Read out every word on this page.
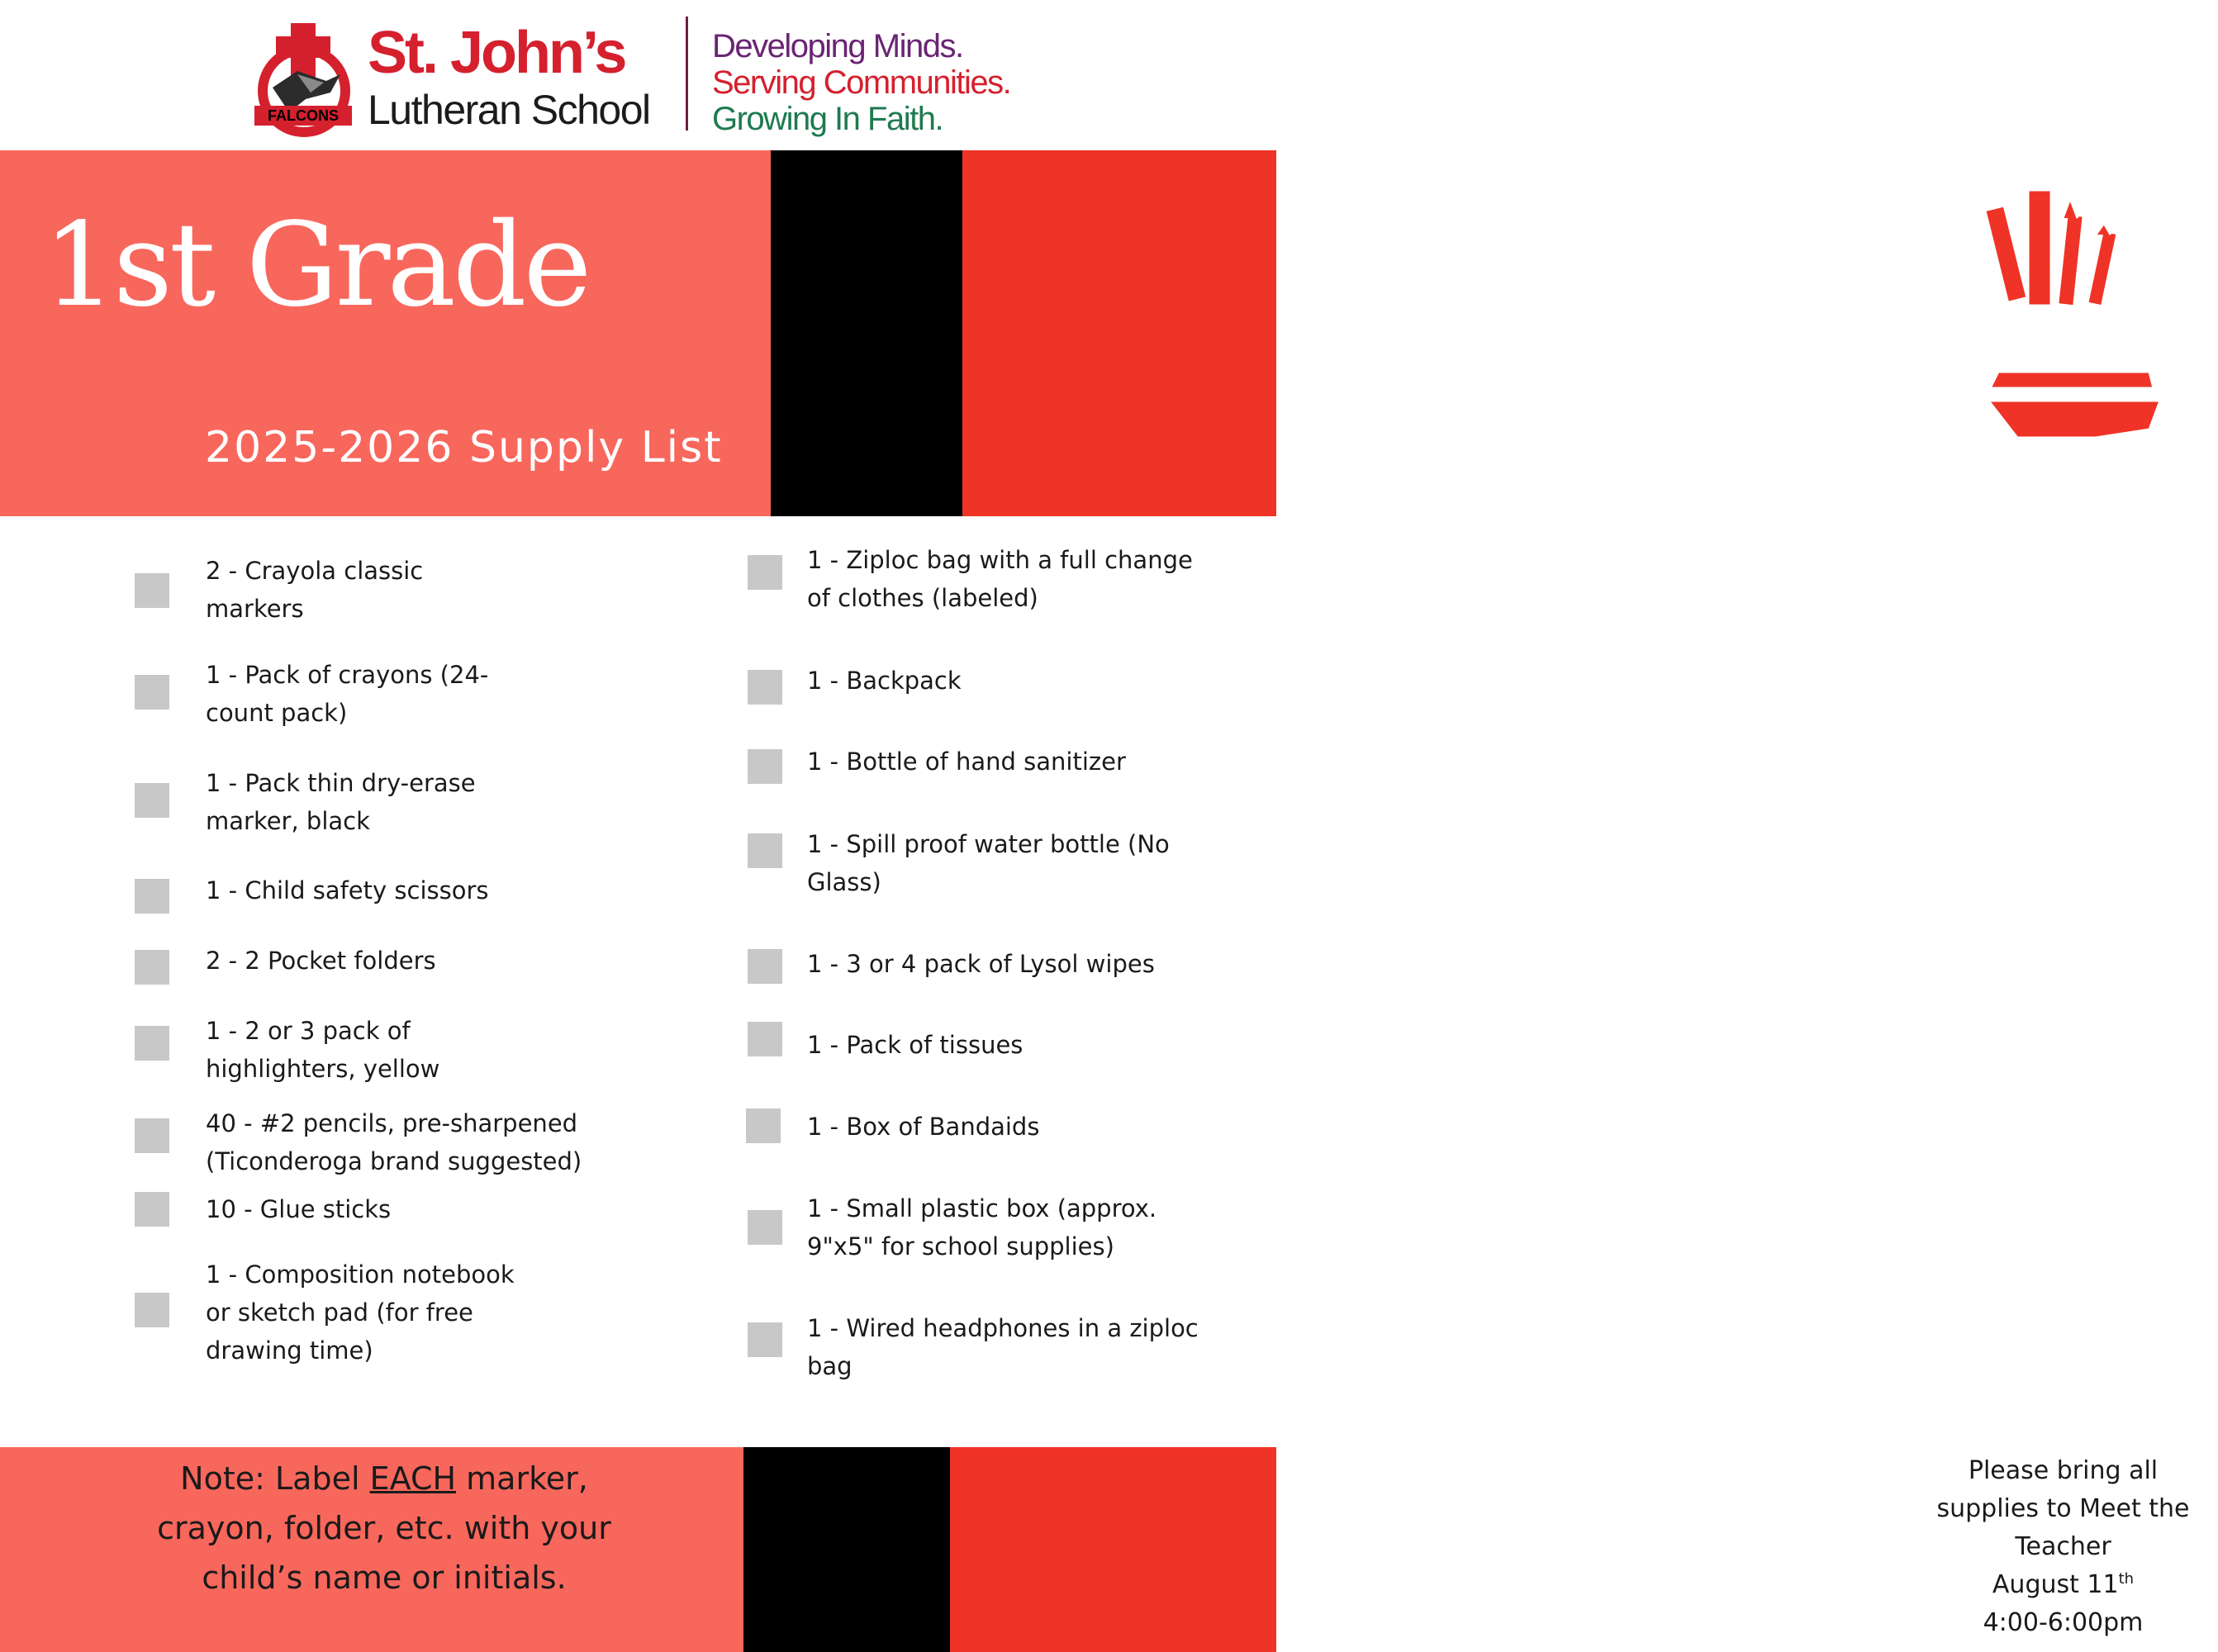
FALCONS
St. John’s
Lutheran School
Developing Minds.
Serving Communities.
Growing In Faith.
1st Grade
2025-2026 Supply List
2 - Crayola classic
markers
1 - Pack of crayons (24-
count pack)
1 - Pack thin dry-erase
marker, black
1 - Child safety scissors
2 - 2 Pocket folders
1 - 2 or 3 pack of
highlighters, yellow
40 - #2 pencils, pre-sharpened
(Ticonderoga brand suggested)
10 - Glue sticks
1 - Composition notebook
or sketch pad (for free
drawing time)
1 - Ziploc bag with a full change
of clothes (labeled)
1 - Backpack
1 - Bottle of hand sanitizer
1 - Spill proof water bottle (No
Glass)
1 - 3 or 4 pack of Lysol wipes
1 - Pack of tissues
1 - Box of Bandaids
1 - Small plastic box (approx.
9"x5" for school supplies)
1 - Wired headphones in a ziploc
bag
Note: Label EACH marker, crayon, folder, etc. with your child’s name or initials.
Please bring all
supplies to Meet the
Teacher
August 11th
4:00-6:00pm
